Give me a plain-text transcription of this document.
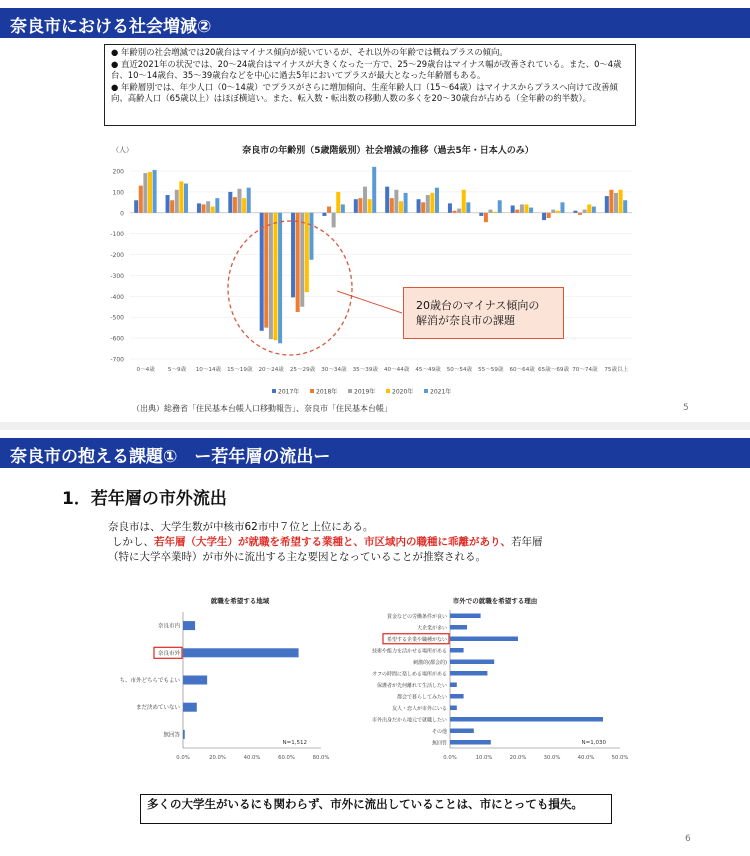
奈良市における社会増減②

● 年齢別の社会増減では20歳台はマイナス傾向が続いているが、それ以外の年齢では概ねプラスの傾向。

● 直近2021年の状況では、20〜24歳台はマイナスが大きくなった一方で、25〜29歳台はマイナス幅が改善されている。また、0〜4歳台、10〜14歳台、35〜39歳台などを中心に過去5年においてプラスが最大となった年齢層もある。

● 年齢層別では、年少人口（0〜14歳）でプラスがさらに増加傾向、生産年齢人口（15〜64歳）はマイナスからプラスへ向けて改善傾向、高齢人口（65歳以上）はほぼ横這い。また、転入数・転出数の移動人数の多くを20〜30歳台が占める（全年齢の約半数）。

奈良市の年齢別（5歳階級別）社会増減の推移（過去5年・日本人のみ）
（人）
200
100
0
-100
-200
-300
-400
-500
-600
-700
0〜4歳 5〜9歳 10〜14歳 15〜19歳 20〜24歳 25〜29歳 30〜34歳 35〜39歳 40〜44歳 45〜49歳 50〜54歳 55〜59歳 60〜64歳 65歳〜69歳 70〜74歳 75歳以上
2017年	2018年	2019年	2020年	2021年
20歳台のマイナス傾向の
解消が奈良市の課題
（出典）総務省「住民基本台帳人口移動報告」、奈良市「住民基本台帳」	5
奈良市の抱える課題①　ー若年層の流出ー
1．若年層の市外流出
奈良市は、大学生数が中核市62市中７位と上位にある。
しかし、若年層（大学生）が就職を希望する業種と、市区域内の職種に乖離があり、若年層
（特に大学卒業時）が市外に流出する主な要因となっていることが推察される。
就職を希望する地域
奈良市内
奈良市外
ち、市外どちらでもよい
まだ決めていない
無回答
0.0%	20.0%	40.0%	60.0%	80.0%
N=1,512
市外での就職を希望する理由
賃金などの労働条件が良い
大企業が多い
希望する企業や職種がない
技術や能力を活かせる場所がある
刺激的(都会的)
オフの時間に楽しめる場所がある
保護者が先何離れて生活したい
都会で暮らしてみたい
友人・恋人が市外にいる
市外出身だから地元で就職したい
その他
無回答
0.0%	10.0%	20.0%	30.0%	40.0%	50.0%
N=1,030
多くの大学生がいるにも関わらず、市外に流出していることは、市にとっても損失。
6
